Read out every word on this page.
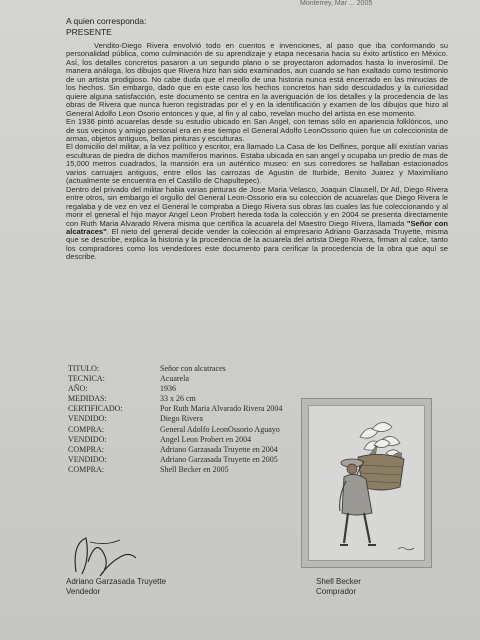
Monterrey, Mar ... 2005
A quien corresponda:
PRESENTE

Vendito-Diego Rivera envolvió todo en cuentos e invenciones, al paso que iba conformando su personalidad pública, como culminación de su aprendizaje y etapa necesaria hacia su éxito artístico en México. Así, los detalles concretos pasaron a un segundo plano o se proyectaron adornados hasta lo inverosímil. De manera análoga, los dibujos que Rivera hizo han sido examinados, aun cuando se han exaltado como testimonio de un artista prodigioso. No cabe duda que el meollo de una historia nunca está encerrado en las minucias de los hechos. Sin embargo, dado que en este caso los hechos concretos han sido descuidados y la curiosidad quiere alguna satisfacción, este documento se centra en la averiguación de los detalles y la procedencia de las obras de Rivera que nunca fueron registradas por el y en la identificación y examen de los dibujos que hizo al General Adolfo Leon Osorio entonces y que, al fin y al cabo, revelan mucho del artista en ese momento.

En 1936 pintó acuarelas desde su estudio ubicado en San Angel, con temas sólo en apariencia folklóricos, uno de sus vecinos y amigo personal era en ese tiempo el General Adolfo LeonOssorio quien fue un coleccionista de armas, objetos antiguos, bellas pinturas y esculturas.

El domicilio del militar, a la vez político y escritor, era llamado La Casa de los Delfines, porque allí existían varias esculturas de piedra de dichos mamíferos marinos. Estaba ubicada en san angel y ocupaba un predio de mas de 15,000 metros cuadrados, la mansión era un auténtico museo: en sus corredores se hallaban estacionados varios carruajes antiguos, entre ellos las carrozas de Agustin de Iturbide, Benito Juarez y Maximiliano (actualmente se encuentra en el Castillo de Chapultepec).

Dentro del privado del militar habia varias pinturas de Jose Maria Velasco, Joaquin Clausell, Dr Atl, Diego Rivera entre otros, sin embargo el orgullo del General Leon-Ossorio era su colección de acuarelas que Diego Rivera le regalaba y de vez en vez el General le compraba a Diego Rivera sus obras las cuales las fue coleccionando y al morir el general el hijo mayor Angel Leon Probert hereda toda la colección y en 2004 se presenta directamente con Ruth Maria Alvarado Rivera misma que certifica la acuarela del Maestro Diego Rivera, llamada "Señor con alcatraces". El nieto del general decide vender la colección al empresario Adriano Garzasada Truyette, misma que se describe, explica la historia y la procedencia de la acuarela del artista Diego Rivera, firman al calce, tanto los compradores como los vendedores este documento para cerificar la procedencia de la obra que aquí se describe.

TITULO:	Señor con alcatraces
TECNICA:	Acuarela
AÑO:	1936
MEDIDAS:	33 x 26 cm
CERTIFICADO:	Por Ruth Maria Alvarado Rivera 2004
VENDIDO:	Diego Rivera
COMPRA:	General Adolfo LeonOssorio Aguayo
VENDIDO:	Angel Leon Probert en 2004
COMPRA:	Adriano Garzasada Truyette en 2004
VENDIDO:	Adriano Garzasada Truyette en 2005
COMPRA:	Shell Becker en 2005
Adriano Garzasada Truyette
Vendedor
Shell Becker
Comprador
